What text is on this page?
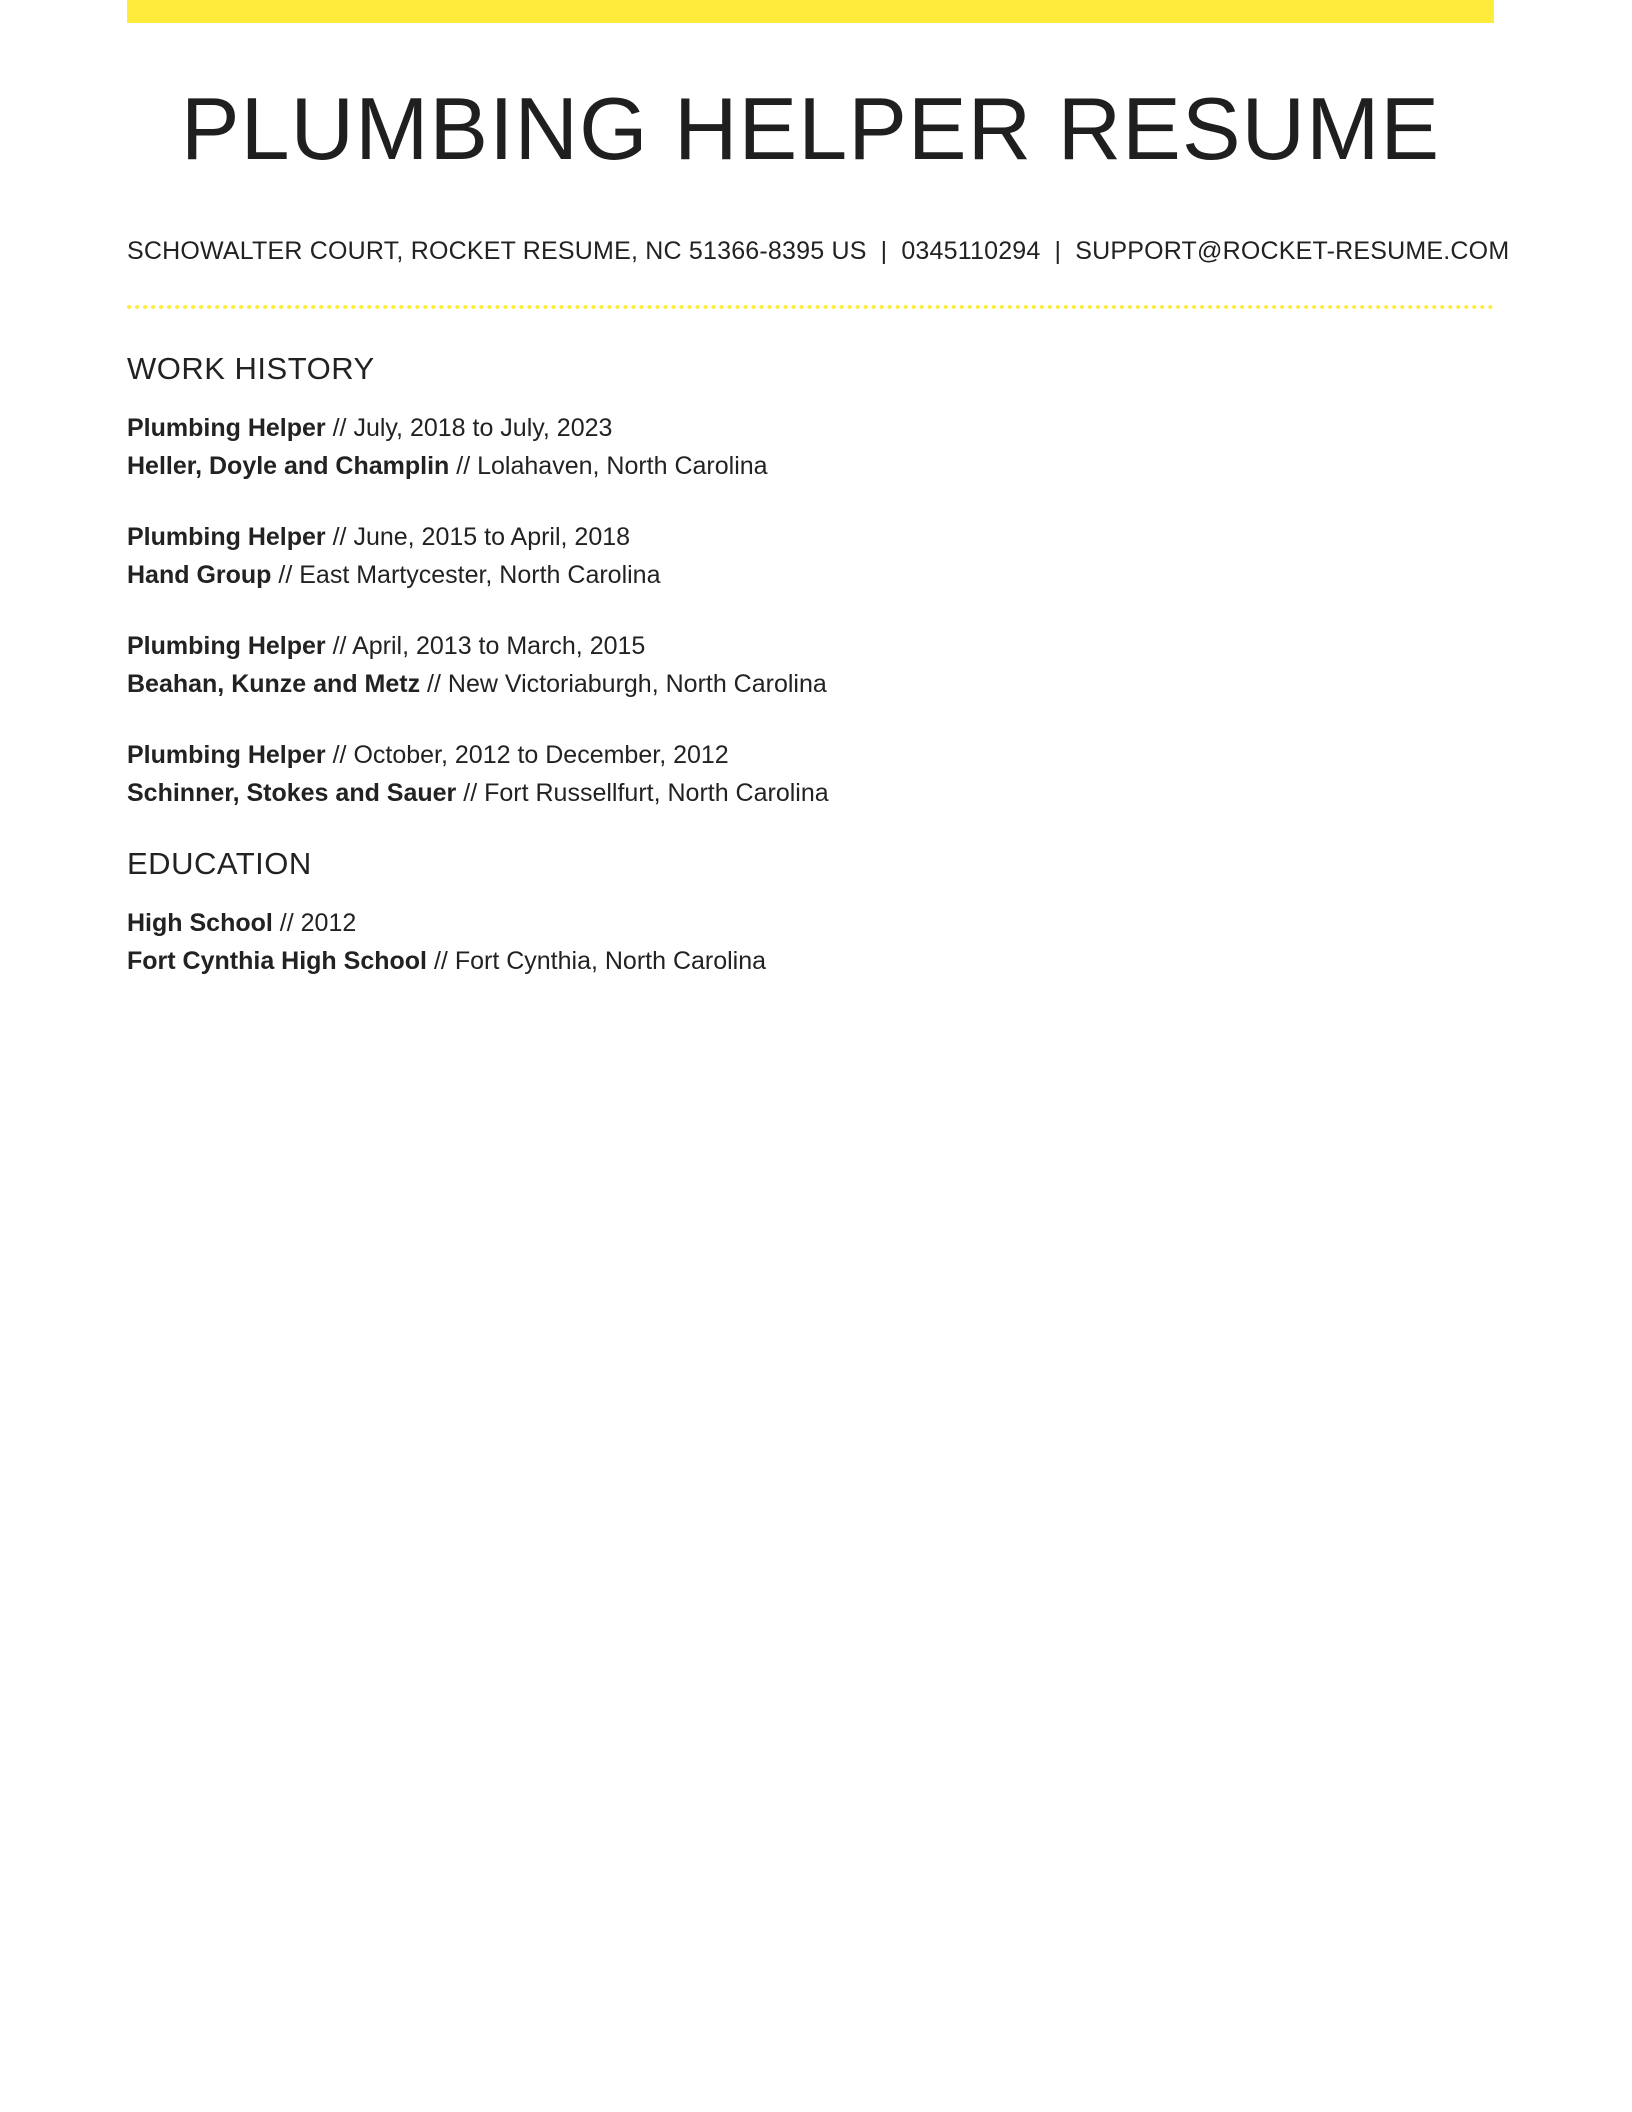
PLUMBING HELPER RESUME
SCHOWALTER COURT, ROCKET RESUME, NC 51366-8395 US | 0345110294 | SUPPORT@ROCKET-RESUME.COM
WORK HISTORY
Plumbing Helper // July, 2018 to July, 2023
Heller, Doyle and Champlin // Lolahaven, North Carolina
Plumbing Helper // June, 2015 to April, 2018
Hand Group // East Martycester, North Carolina
Plumbing Helper // April, 2013 to March, 2015
Beahan, Kunze and Metz // New Victoriaburgh, North Carolina
Plumbing Helper // October, 2012 to December, 2012
Schinner, Stokes and Sauer // Fort Russellfurt, North Carolina
EDUCATION
High School // 2012
Fort Cynthia High School // Fort Cynthia, North Carolina
